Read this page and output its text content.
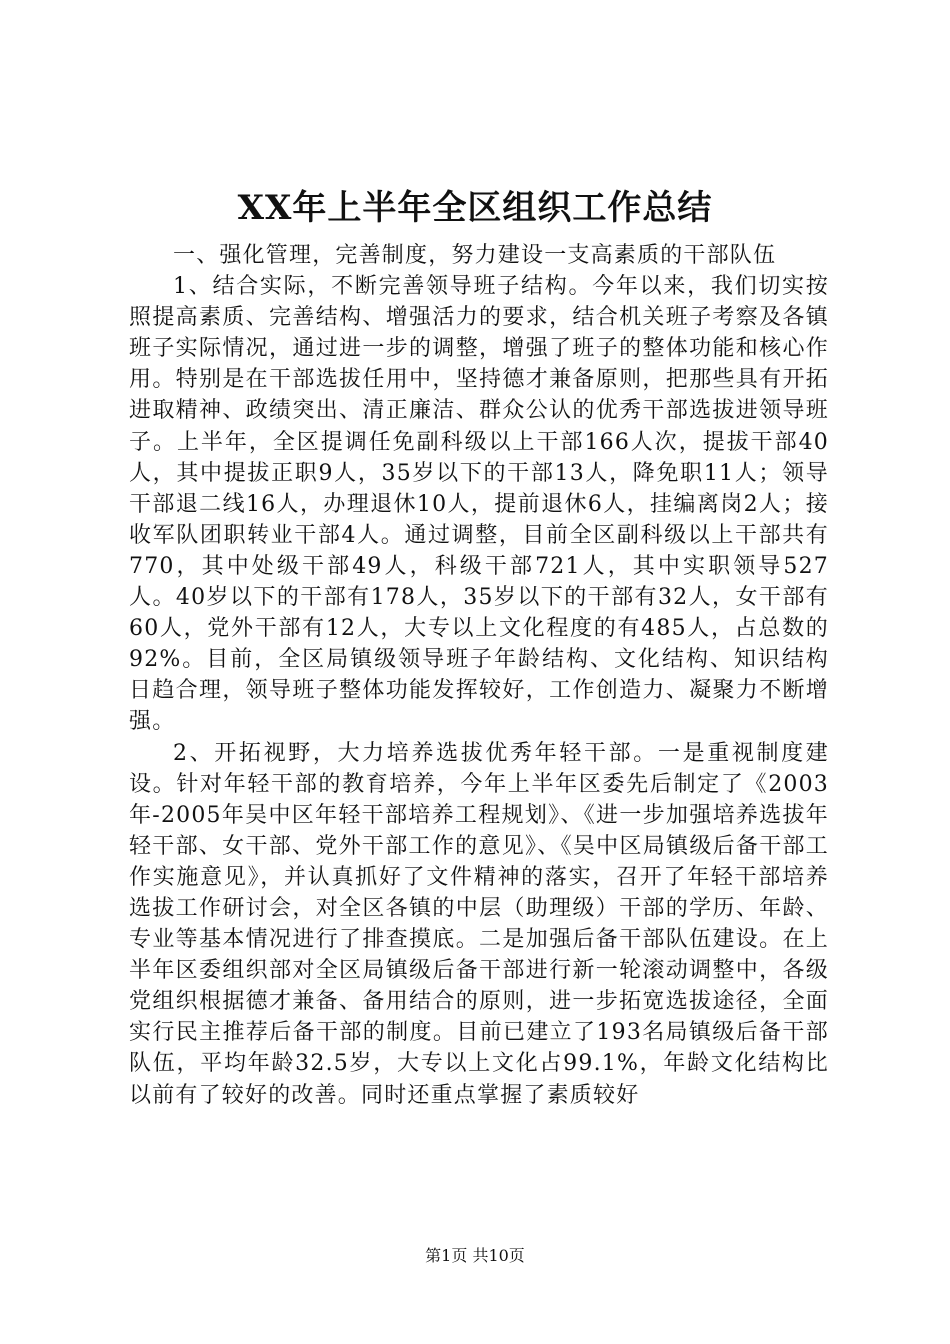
XX年上半年全区组织工作总结

一、强化管理，完善制度，努力建设一支高素质的干部队伍

1、结合实际，不断完善领导班子结构。今年以来，我们切实按照提高素质、完善结构、增强活力的要求，结合机关班子考察及各镇班子实际情况，通过进一步的调整，增强了班子的整体功能和核心作用。特别是在干部选拔任用中，坚持德才兼备原则，把那些具有开拓进取精神、政绩突出、清正廉洁、群众公认的优秀干部选拔进领导班子。上半年，全区提调任免副科级以上干部166人次，提拔干部40人，其中提拔正职9人，35岁以下的干部13人，降免职11人；领导干部退二线16人，办理退休10人，提前退休6人，挂编离岗2人；接收军队团职转业干部4人。通过调整，目前全区副科级以上干部共有770，其中处级干部49人，科级干部721人，其中实职领导527人。40岁以下的干部有178人，35岁以下的干部有32人，女干部有60人，党外干部有12人，大专以上文化程度的有485人，占总数的92%。目前，全区局镇级领导班子年龄结构、文化结构、知识结构日趋合理，领导班子整体功能发挥较好，工作创造力、凝聚力不断增强。

2、开拓视野，大力培养选拔优秀年轻干部。一是重视制度建设。针对年轻干部的教育培养，今年上半年区委先后制定了《2003年-2005年吴中区年轻干部培养工程规划》、《进一步加强培养选拔年轻干部、女干部、党外干部工作的意见》、《吴中区局镇级后备干部工作实施意见》，并认真抓好了文件精神的落实，召开了年轻干部培养选拔工作研讨会，对全区各镇的中层（助理级）干部的学历、年龄、专业等基本情况进行了排查摸底。二是加强后备干部队伍建设。在上半年区委组织部对全区局镇级后备干部进行新一轮滚动调整中，各级党组织根据德才兼备、备用结合的原则，进一步拓宽选拔途径，全面实行民主推荐后备干部的制度。目前已建立了193名局镇级后备干部队伍，平均年龄32.5岁，大专以上文化占99.1%，年龄文化结构比以前有了较好的改善。同时还重点掌握了素质较好

第1页 共10页
